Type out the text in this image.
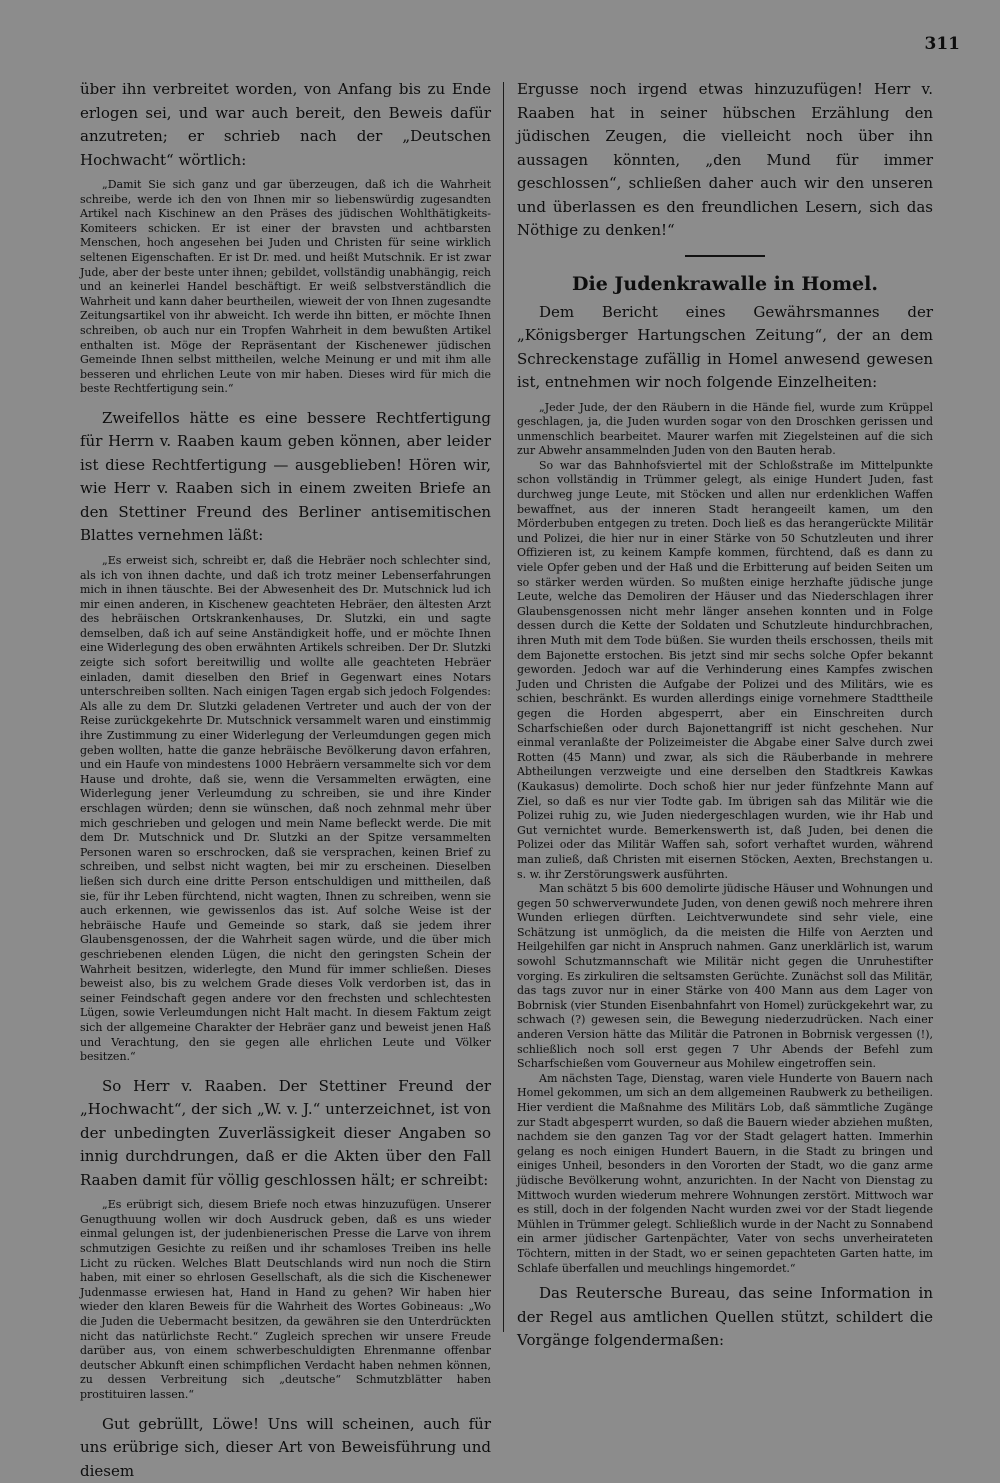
311

über ihn verbreitet worden, von Anfang bis zu Ende erlogen sei, und war auch bereit, den Beweis dafür anzutreten; er schrieb nach der „Deutschen Hochwacht“ wörtlich:

„Damit Sie sich ganz und gar überzeugen, daß ich die Wahrheit schreibe, werde ich den von Ihnen mir so liebenswürdig zugesandten Artikel nach Kischinew an den Präses des jüdischen Wohlthätigkeits-Komiteers schicken. Er ist einer der bravsten und achtbarsten Menschen, hoch angesehen bei Juden und Christen für seine wirklich seltenen Eigenschaften. Er ist Dr. med. und heißt Mutschnik. Er ist zwar Jude, aber der beste unter ihnen; gebildet, vollständig unabhängig, reich und an keinerlei Handel beschäftigt. Er weiß selbstverständlich die Wahrheit und kann daher beurtheilen, wieweit der von Ihnen zugesandte Zeitungsartikel von ihr abweicht. Ich werde ihn bitten, er möchte Ihnen schreiben, ob auch nur ein Tropfen Wahrheit in dem bewußten Artikel enthalten ist. Möge der Repräsentant der Kischenewer jüdischen Gemeinde Ihnen selbst mittheilen, welche Meinung er und mit ihm alle besseren und ehrlichen Leute von mir haben. Dieses wird für mich die beste Rechtfertigung sein.“

Zweifellos hätte es eine bessere Rechtfertigung für Herrn v. Raaben kaum geben können, aber leider ist diese Rechtfertigung — ausgeblieben! Hören wir, wie Herr v. Raaben sich in einem zweiten Briefe an den Stettiner Freund des Berliner antisemitischen Blattes vernehmen läßt:

„Es erweist sich, schreibt er, daß die Hebräer noch schlechter sind, als ich von ihnen dachte, und daß ich trotz meiner Lebenserfahrungen mich in ihnen täuschte. Bei der Abwesenheit des Dr. Mutschnick lud ich mir einen anderen, in Kischenew geachteten Hebräer, den ältesten Arzt des hebräischen Ortskrankenhauses, Dr. Slutzki, ein und sagte demselben, daß ich auf seine Anständigkeit hoffe, und er möchte Ihnen eine Widerlegung des oben erwähnten Artikels schreiben. Der Dr. Slutzki zeigte sich sofort bereitwillig und wollte alle geachteten Hebräer einladen, damit dieselben den Brief in Gegenwart eines Notars unterschreiben sollten. Nach einigen Tagen ergab sich jedoch Folgendes: Als alle zu dem Dr. Slutzki geladenen Vertreter und auch der von der Reise zurückgekehrte Dr. Mutschnick versammelt waren und einstimmig ihre Zustimmung zu einer Widerlegung der Verleumdungen gegen mich geben wollten, hatte die ganze hebräische Bevölkerung davon erfahren, und ein Haufe von mindestens 1000 Hebräern versammelte sich vor dem Hause und drohte, daß sie, wenn die Versammelten erwägten, eine Widerlegung jener Verleumdung zu schreiben, sie und ihre Kinder erschlagen würden; denn sie wünschen, daß noch zehnmal mehr über mich geschrieben und gelogen und mein Name befleckt werde. Die mit dem Dr. Mutschnick und Dr. Slutzki an der Spitze versammelten Personen waren so erschrocken, daß sie versprachen, keinen Brief zu schreiben, und selbst nicht wagten, bei mir zu erscheinen. Dieselben ließen sich durch eine dritte Person entschuldigen und mittheilen, daß sie, für ihr Leben fürchtend, nicht wagten, Ihnen zu schreiben, wenn sie auch erkennen, wie gewissenlos das ist. Auf solche Weise ist der hebräische Haufe und Gemeinde so stark, daß sie jedem ihrer Glaubensgenossen, der die Wahrheit sagen würde, und die über mich geschriebenen elenden Lügen, die nicht den geringsten Schein der Wahrheit besitzen, widerlegte, den Mund für immer schließen. Dieses beweist also, bis zu welchem Grade dieses Volk verdorben ist, das in seiner Feindschaft gegen andere vor den frechsten und schlechtesten Lügen, sowie Verleumdungen nicht Halt macht. In diesem Faktum zeigt sich der allgemeine Charakter der Hebräer ganz und beweist jenen Haß und Verachtung, den sie gegen alle ehrlichen Leute und Völker besitzen.“

So Herr v. Raaben. Der Stettiner Freund der „Hochwacht“, der sich „W. v. J.“ unterzeichnet, ist von der unbedingten Zuverlässigkeit dieser Angaben so innig durchdrungen, daß er die Akten über den Fall Raaben damit für völlig geschlossen hält; er schreibt:

„Es erübrigt sich, diesem Briefe noch etwas hinzuzufügen. Unserer Genugthuung wollen wir doch Ausdruck geben, daß es uns wieder einmal gelungen ist, der judenbienerischen Presse die Larve von ihrem schmutzigen Gesichte zu reißen und ihr schamloses Treiben ins helle Licht zu rücken. Welches Blatt Deutschlands wird nun noch die Stirn haben, mit einer so ehrlosen Gesellschaft, als die sich die Kischenewer Judenmasse erwiesen hat, Hand in Hand zu gehen? Wir haben hier wieder den klaren Beweis für die Wahrheit des Wortes Gobineaus: „Wo die Juden die Uebermacht besitzen, da gewähren sie den Unterdrückten nicht das natürlichste Recht.“ Zugleich sprechen wir unsere Freude darüber aus, von einem schwerbeschuldigten Ehrenmanne offenbar deutscher Abkunft einen schimpflichen Verdacht haben nehmen können, zu dessen Verbreitung sich „deutsche“ Schmutzblätter haben prostituiren lassen.“

Gut gebrüllt, Löwe! Uns will scheinen, auch für uns erübrige sich, dieser Art von Beweisführung und diesem

Ergusse noch irgend etwas hinzuzufügen! Herr v. Raaben hat in seiner hübschen Erzählung den jüdischen Zeugen, die vielleicht noch über ihn aussagen könnten, „den Mund für immer geschlossen“, schließen daher auch wir den unseren und überlassen es den freundlichen Lesern, sich das Nöthige zu denken!“

Die Judenkrawalle in Homel.

Dem Bericht eines Gewährsmannes der „Königsberger Hartungschen Zeitung“, der an dem Schreckenstage zufällig in Homel anwesend gewesen ist, entnehmen wir noch folgende Einzelheiten:

„Jeder Jude, der den Räubern in die Hände fiel, wurde zum Krüppel geschlagen, ja, die Juden wurden sogar von den Droschken gerissen und unmenschlich bearbeitet. Maurer warfen mit Ziegelsteinen auf die sich zur Abwehr ansammelnden Juden von den Bauten herab.

So war das Bahnhofsviertel mit der Schloßstraße im Mittelpunkte schon vollständig in Trümmer gelegt, als einige Hundert Juden, fast durchweg junge Leute, mit Stöcken und allen nur erdenklichen Waffen bewaffnet, aus der inneren Stadt herangeeilt kamen, um den Mörderbuben entgegen zu treten. Doch ließ es das herangerückte Militär und Polizei, die hier nur in einer Stärke von 50 Schutzleuten und ihrer Offizieren ist, zu keinem Kampfe kommen, fürchtend, daß es dann zu viele Opfer geben und der Haß und die Erbitterung auf beiden Seiten um so stärker werden würden. So mußten einige herzhafte jüdische junge Leute, welche das Demoliren der Häuser und das Niederschlagen ihrer Glaubensgenossen nicht mehr länger ansehen konnten und in Folge dessen durch die Kette der Soldaten und Schutzleute hindurchbrachen, ihren Muth mit dem Tode büßen. Sie wurden theils erschossen, theils mit dem Bajonette erstochen. Bis jetzt sind mir sechs solche Opfer bekannt geworden. Jedoch war auf die Verhinderung eines Kampfes zwischen Juden und Christen die Aufgabe der Polizei und des Militärs, wie es schien, beschränkt. Es wurden allerdings einige vornehmere Stadttheile gegen die Horden abgesperrt, aber ein Einschreiten durch Scharfschießen oder durch Bajonettangriff ist nicht geschehen. Nur einmal veranlaßte der Polizeimeister die Abgabe einer Salve durch zwei Rotten (45 Mann) und zwar, als sich die Räuberbande in mehrere Abtheilungen verzweigte und eine derselben den Stadtkreis Kawkas (Kaukasus) demolirte. Doch schoß hier nur jeder fünfzehnte Mann auf Ziel, so daß es nur vier Todte gab. Im übrigen sah das Militär wie die Polizei ruhig zu, wie Juden niedergeschlagen wurden, wie ihr Hab und Gut vernichtet wurde. Bemerkenswerth ist, daß Juden, bei denen die Polizei oder das Militär Waffen sah, sofort verhaftet wurden, während man zuließ, daß Christen mit eisernen Stöcken, Aexten, Brechstangen u. s. w. ihr Zerstörungswerk ausführten.

Man schätzt 5 bis 600 demolirte jüdische Häuser und Wohnungen und gegen 50 schwerverwundete Juden, von denen gewiß noch mehrere ihren Wunden erliegen dürften. Leichtverwundete sind sehr viele, eine Schätzung ist unmöglich, da die meisten die Hilfe von Aerzten und Heilgehilfen gar nicht in Anspruch nahmen. Ganz unerklärlich ist, warum sowohl Schutzmannschaft wie Militär nicht gegen die Unruhestifter vorging. Es zirkuliren die seltsamsten Gerüchte. Zunächst soll das Militär, das tags zuvor nur in einer Stärke von 400 Mann aus dem Lager von Bobrnisk (vier Stunden Eisenbahnfahrt von Homel) zurückgekehrt war, zu schwach (?) gewesen sein, die Bewegung niederzudrücken. Nach einer anderen Version hätte das Militär die Patronen in Bobrnisk vergessen (!), schließlich noch soll erst gegen 7 Uhr Abends der Befehl zum Scharfschießen vom Gouverneur aus Mohilew eingetroffen sein.

Am nächsten Tage, Dienstag, waren viele Hunderte von Bauern nach Homel gekommen, um sich an dem allgemeinen Raubwerk zu betheiligen. Hier verdient die Maßnahme des Militärs Lob, daß sämmtliche Zugänge zur Stadt abgesperrt wurden, so daß die Bauern wieder abziehen mußten, nachdem sie den ganzen Tag vor der Stadt gelagert hatten. Immerhin gelang es noch einigen Hundert Bauern, in die Stadt zu bringen und einiges Unheil, besonders in den Vororten der Stadt, wo die ganz arme jüdische Bevölkerung wohnt, anzurichten. In der Nacht von Dienstag zu Mittwoch wurden wiederum mehrere Wohnungen zerstört. Mittwoch war es still, doch in der folgenden Nacht wurden zwei vor der Stadt liegende Mühlen in Trümmer gelegt. Schließlich wurde in der Nacht zu Sonnabend ein armer jüdischer Gartenpächter, Vater von sechs unverheirateten Töchtern, mitten in der Stadt, wo er seinen gepachteten Garten hatte, im Schlafe überfallen und meuchlings hingemordet.“

Das Reutersche Bureau, das seine Information in der Regel aus amtlichen Quellen stützt, schildert die Vorgänge folgendermaßen:
